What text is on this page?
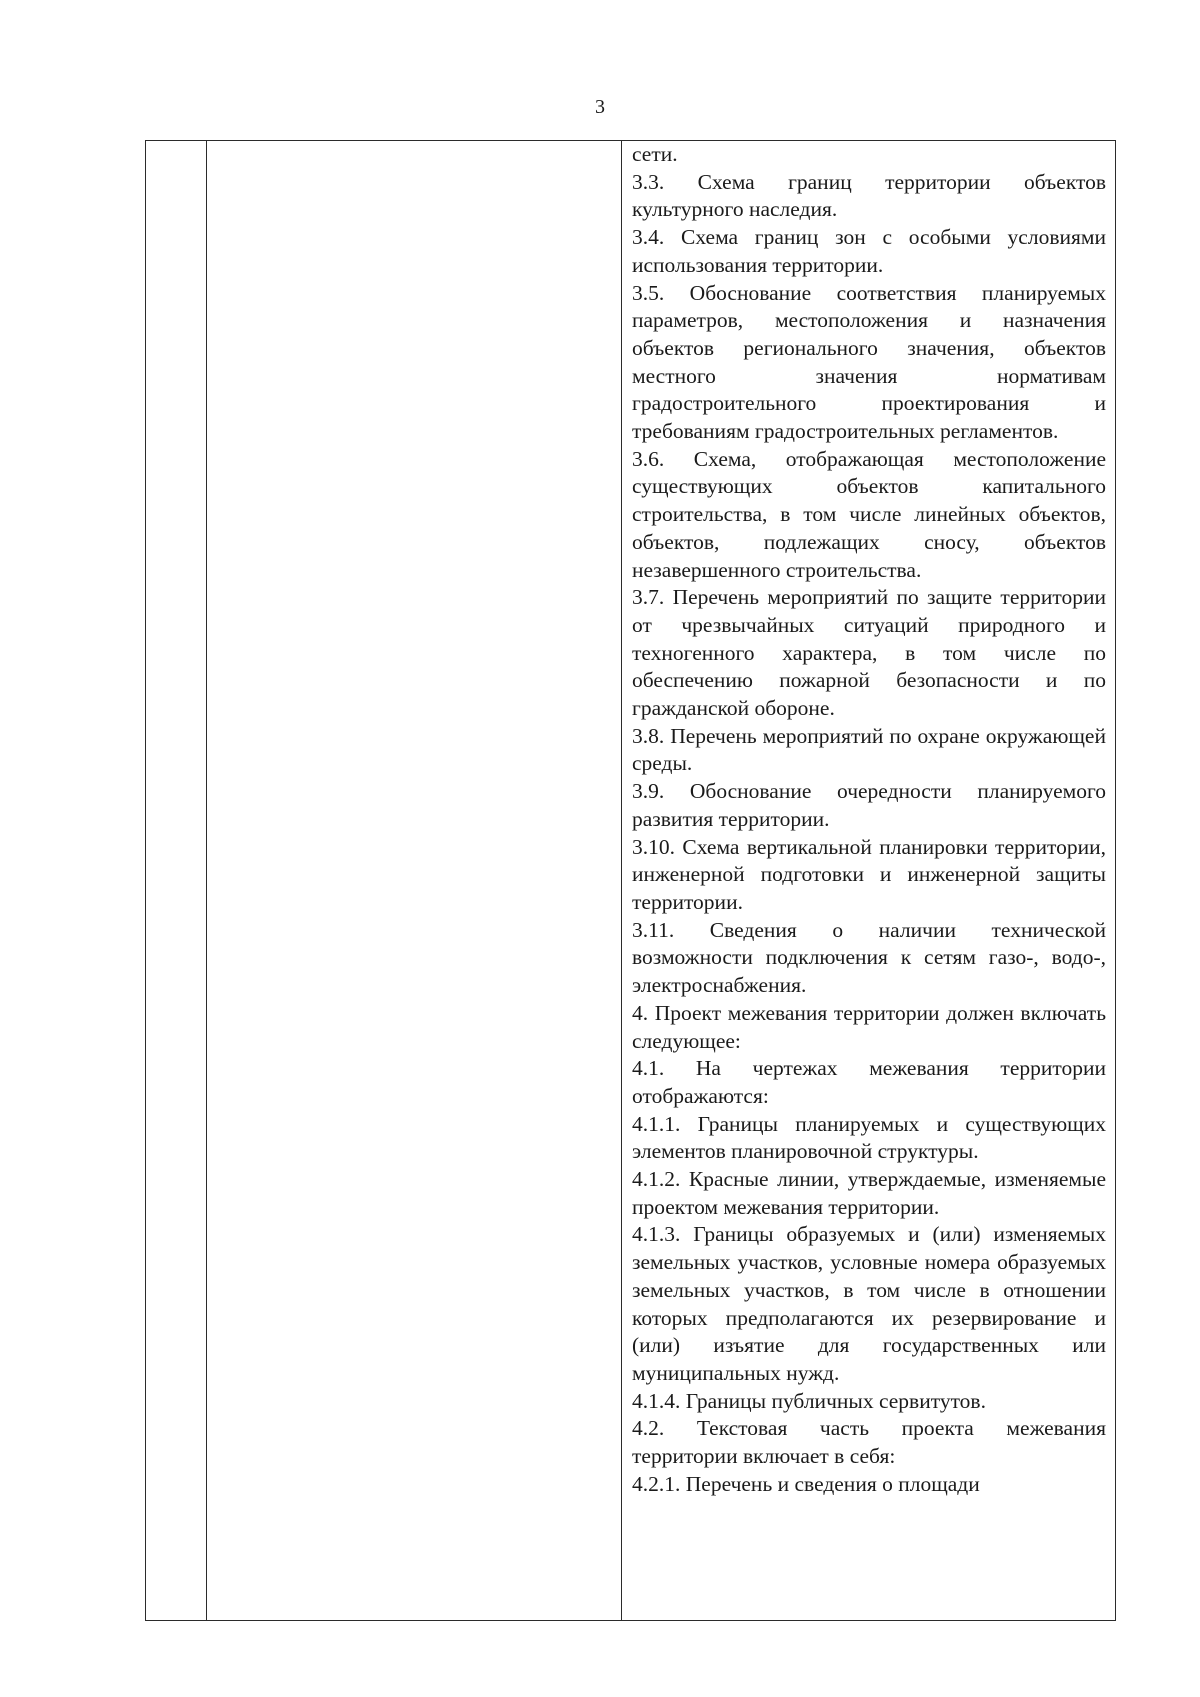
3

сети.

3.3. Схема границ территории объектов культурного наследия.

3.4. Схема границ зон с особыми условиями использования территории.

3.5. Обоснование соответствия планируемых параметров, местоположения и назначения объектов регионального значения, объектов местного значения нормативам градостроительного проектирования и требованиям градостроительных регламентов.

3.6. Схема, отображающая местоположение существующих объектов капитального строительства, в том числе линейных объектов, объектов, подлежащих сносу, объектов незавершенного строительства.

3.7. Перечень мероприятий по защите территории от чрезвычайных ситуаций природного и техногенного характера, в том числе по обеспечению пожарной безопасности и по гражданской обороне.

3.8. Перечень мероприятий по охране окружающей среды.

3.9. Обоснование очередности планируемого развития территории.

3.10. Схема вертикальной планировки территории, инженерной подготовки и инженерной защиты территории.

3.11. Сведения о наличии технической возможности подключения к сетям газо-, водо-, электроснабжения.

4. Проект межевания территории должен включать следующее:

4.1. На чертежах межевания территории отображаются:

4.1.1. Границы планируемых и существующих элементов планировочной структуры.

4.1.2. Красные линии, утверждаемые, изменяемые проектом межевания территории.

4.1.3. Границы образуемых и (или) изменяемых земельных участков, условные номера образуемых земельных участков, в том числе в отношении которых предполагаются их резервирование и (или) изъятие для государственных или муниципальных нужд.

4.1.4. Границы публичных сервитутов.

4.2. Текстовая часть проекта межевания территории включает в себя:

4.2.1. Перечень и сведения о площади
